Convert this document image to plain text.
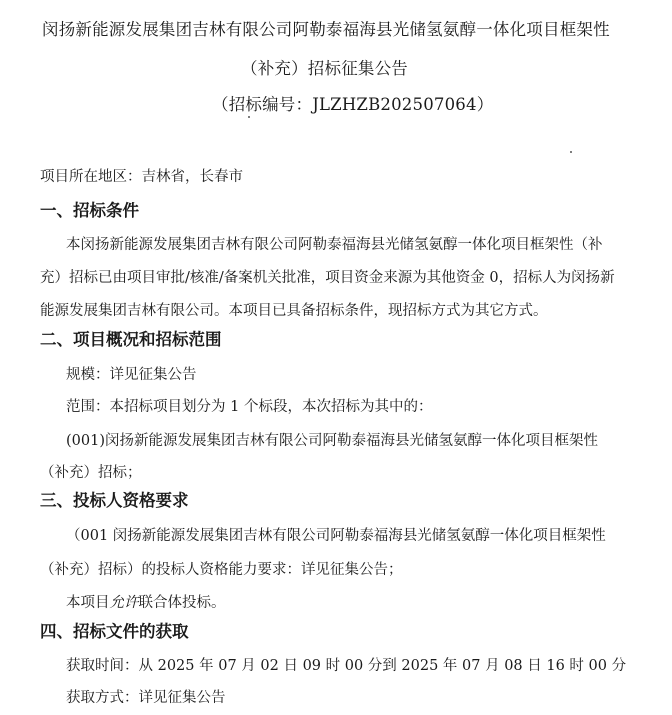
闵扬新能源发展集团吉林有限公司阿勒泰福海县光储氢氨醇一体化项目框架性
（补充）招标征集公告
（招标编号：JLZHZB202507064）
项目所在地区：吉林省，长春市
一、招标条件
本闵扬新能源发展集团吉林有限公司阿勒泰福海县光储氢氨醇一体化项目框架性（补
充）招标已由项目审批/核准/备案机关批准，项目资金来源为其他资金 0，招标人为闵扬新
能源发展集团吉林有限公司。本项目已具备招标条件，现招标方式为其它方式。
二、项目概况和招标范围
规模：详见征集公告
范围：本招标项目划分为 1 个标段，本次招标为其中的：
(001)闵扬新能源发展集团吉林有限公司阿勒泰福海县光储氢氨醇一体化项目框架性
（补充）招标；
三、投标人资格要求
（001 闵扬新能源发展集团吉林有限公司阿勒泰福海县光储氢氨醇一体化项目框架性
（补充）招标）的投标人资格能力要求：详见征集公告；
本项目允许联合体投标。
四、招标文件的获取
获取时间：从 2025 年 07 月 02 日 09 时 00 分到 2025 年 07 月 08 日 16 时 00 分
获取方式：详见征集公告
